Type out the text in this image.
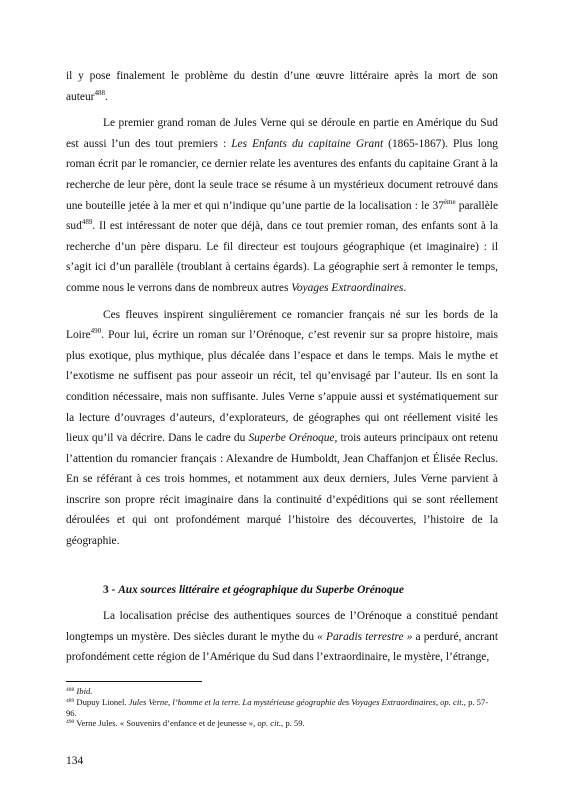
il y pose finalement le problème du destin d’une œuvre littéraire après la mort de son auteur$^{488}$.

Le premier grand roman de Jules Verne qui se déroule en partie en Amérique du Sud est aussi l’un des tout premiers : Les Enfants du capitaine Grant (1865-1867). Plus long roman écrit par le romancier, ce dernier relate les aventures des enfants du capitaine Grant à la recherche de leur père, dont la seule trace se résume à un mystérieux document retrouvé dans une bouteille jetée à la mer et qui n’indique qu’une partie de la localisation : le 37ème parallèle sud$^{489}$. Il est intéressant de noter que déjà, dans ce tout premier roman, des enfants sont à la recherche d’un père disparu. Le fil directeur est toujours géographique (et imaginaire) : il s’agit ici d’un parallèle (troublant à certains égards). La géographie sert à remonter le temps, comme nous le verrons dans de nombreux autres Voyages Extraordinaires.

Ces fleuves inspirent singulièrement ce romancier français né sur les bords de la Loire$^{490}$. Pour lui, écrire un roman sur l’Orénoque, c’est revenir sur sa propre histoire, mais plus exotique, plus mythique, plus décalée dans l’espace et dans le temps. Mais le mythe et l’exotisme ne suffisent pas pour asseoir un récit, tel qu’envisagé par l’auteur. Ils en sont la condition nécessaire, mais non suffisante. Jules Verne s’appuie aussi et systématiquement sur la lecture d’ouvrages d’auteurs, d’explorateurs, de géographes qui ont réellement visité les lieux qu’il va décrire. Dans le cadre du Superbe Orénoque, trois auteurs principaux ont retenu l’attention du romancier français : Alexandre de Humboldt, Jean Chaffanjon et Élisée Reclus. En se référant à ces trois hommes, et notamment aux deux derniers, Jules Verne parvient à inscrire son propre récit imaginaire dans la continuité d’expéditions qui se sont réellement déroulées et qui ont profondément marqué l’histoire des découvertes, l’histoire de la géographie.

3 - Aux sources littéraire et géographique du Superbe Orénoque

La localisation précise des authentiques sources de l’Orénoque a constitué pendant longtemps un mystère. Des siècles durant le mythe du « Paradis terrestre » a perduré, ancrant profondément cette région de l’Amérique du Sud dans l’extraordinaire, le mystère, l’étrange,

$^{488}$ Ibid.

$^{489}$ Dupuy Lionel. Jules Verne, l’homme et la terre. La mystérieuse géographie des Voyages Extraordinaires, op. cit., p. 57-96.

$^{490}$ Verne Jules. « Souvenirs d’enfance et de jeunesse », op. cit., p. 59.

134
